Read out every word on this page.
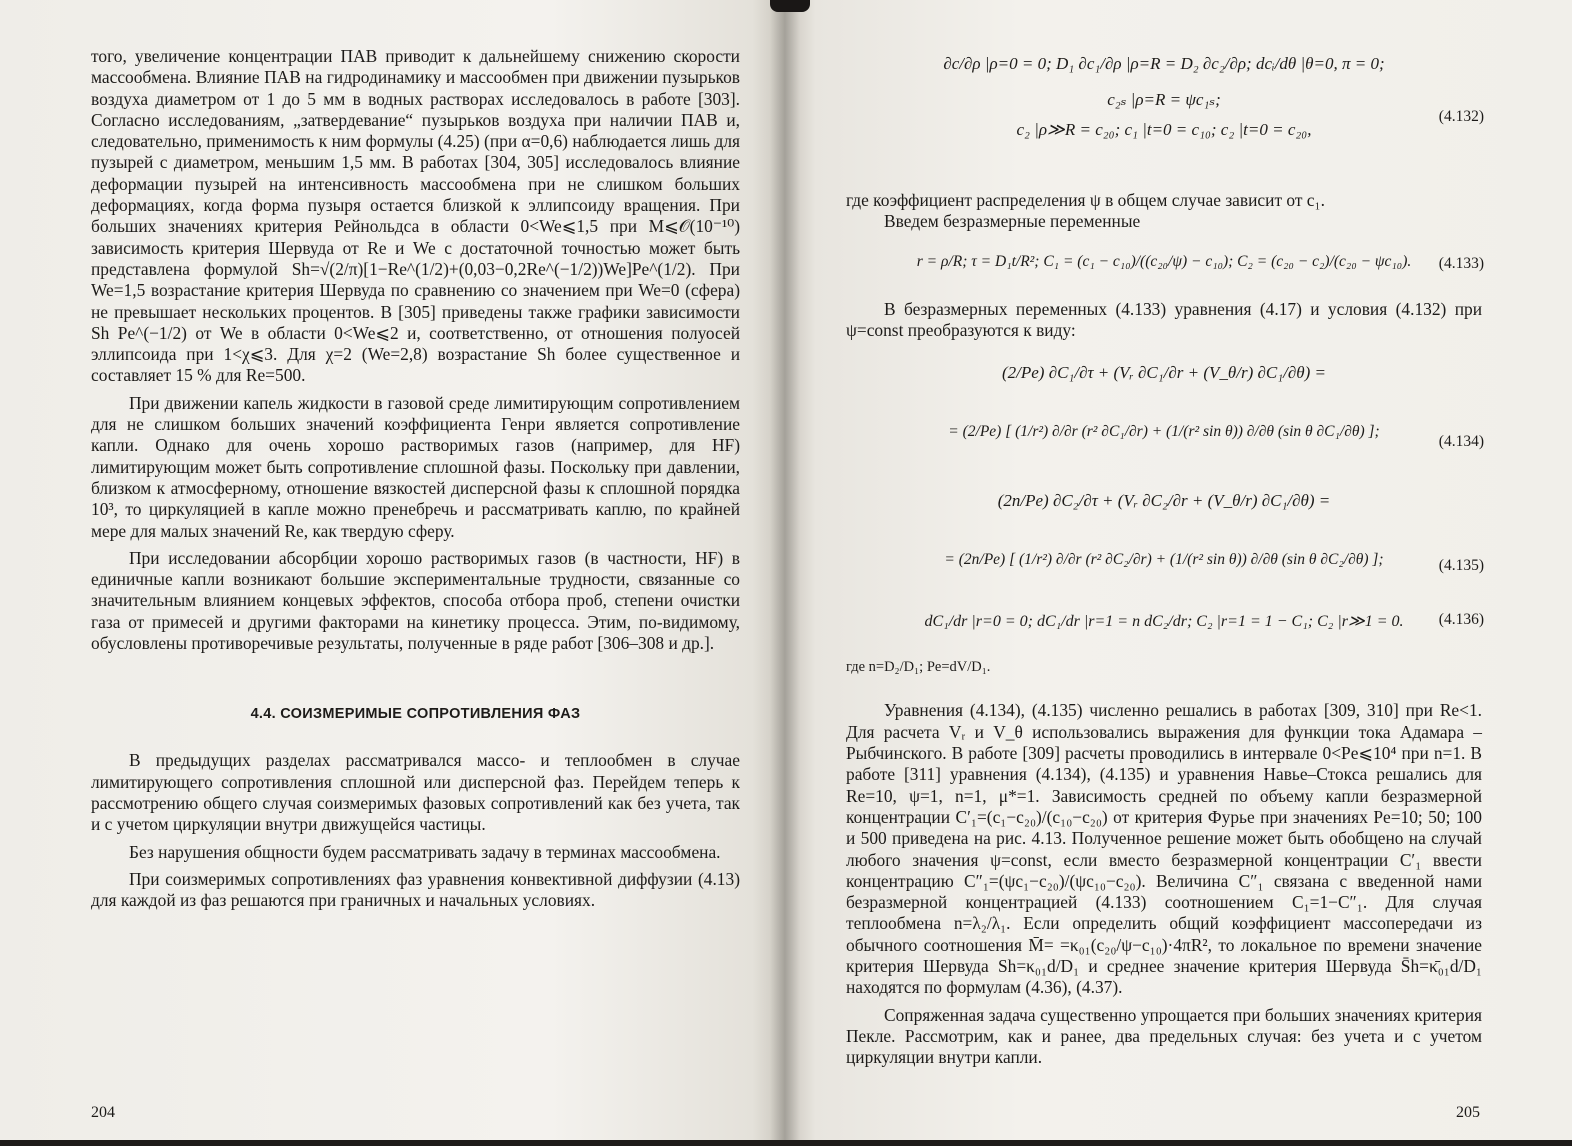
того, увеличение концентрации ПАВ приводит к дальнейшему снижению скорости массообмена. Влияние ПАВ на гидродинамику и массообмен при движении пузырьков воздуха диаметром от 1 до 5 мм в водных растворах исследовалось в работе [303]. Согласно исследованиям, „затвердевание“ пузырьков воздуха при наличии ПАВ и, следовательно, применимость к ним формулы (4.25) (при α=0,6) наблюдается лишь для пузырей с диаметром, меньшим 1,5 мм. В работах [304, 305] исследовалось влияние деформации пузырей на интенсивность массообмена при не слишком больших деформациях, когда форма пузыря остается близкой к эллипсоиду вращения. При больших значениях критерия Рейнольдса в области 0<We⩽1,5 при M⩽𝒪(10⁻¹⁰) зависимость критерия Шервуда от Re и We с достаточной точностью может быть представлена формулой Sh=√(2/π)[1−Re^(1/2)+(0,03−0,2Re^(−1/2))We]Pe^(1/2). При We=1,5 возрастание критерия Шервуда по сравнению со значением при We=0 (сфера) не превышает нескольких процентов. В [305] приведены также графики зависимости Sh Pe^(−1/2) от We в области 0<We⩽2 и, соответственно, от отношения полуосей эллипсоида при 1<χ⩽3. Для χ=2 (We=2,8) возрастание Sh более существенное и составляет 15 % для Re=500.

При движении капель жидкости в газовой среде лимитирующим сопротивлением для не слишком больших значений коэффициента Генри является сопротивление капли. Однако для очень хорошо растворимых газов (например, для HF) лимитирующим может быть сопротивление сплошной фазы. Поскольку при давлении, близком к атмосферному, отношение вязкостей дисперсной фазы к сплошной порядка 10³, то циркуляцией в капле можно пренебречь и рассматривать каплю, по крайней мере для малых значений Re, как твердую сферу.

При исследовании абсорбции хорошо растворимых газов (в частности, HF) в единичные капли возникают большие экспериментальные трудности, связанные со значительным влиянием концевых эффектов, способа отбора проб, степени очистки газа от примесей и другими факторами на кинетику процесса. Этим, по-видимому, обусловлены противоречивые результаты, полученные в ряде работ [306–308 и др.].

4.4. СОИЗМЕРИМЫЕ СОПРОТИВЛЕНИЯ ФАЗ

В предыдущих разделах рассматривался массо- и теплообмен в случае лимитирующего сопротивления сплошной или дисперсной фаз. Перейдем теперь к рассмотрению общего случая соизмеримых фазовых сопротивлений как без учета, так и с учетом циркуляции внутри движущейся частицы.

Без нарушения общности будем рассматривать задачу в терминах массообмена.

При соизмеримых сопротивлениях фаз уравнения конвективной диффузии (4.13) для каждой из фаз решаются при граничных и начальных условиях.

204
∂c/∂ρ |ρ=0 = 0; D₁ ∂c₁/∂ρ |ρ=R = D₂ ∂c₂/∂ρ; dcᵢ/dθ |θ=0, π = 0;
c₂ₛ |ρ=R = ψc₁ₛ;
c₂ |ρ≫R = c₂₀; c₁ |t=0 = c₁₀; c₂ |t=0 = c₂₀,
(4.132)

где коэффициент распределения ψ в общем случае зависит от c₁.

Введем безразмерные переменные

r = ρ/R; τ = D₁t/R²; C₁ = (c₁ − c₁₀)/((c₂₀/ψ) − c₁₀); C₂ = (c₂₀ − c₂)/(c₂₀ − ψc₁₀).	(4.133)

В безразмерных переменных (4.133) уравнения (4.17) и условия (4.132) при ψ=const преобразуются к виду:

(2/Pe) ∂C₁/∂τ + (Vᵣ ∂C₁/∂r + (V_θ/r) ∂C₁/∂θ) =
= (2/Pe) [ (1/r²) ∂/∂r (r² ∂C₁/∂r) + (1/(r² sin θ)) ∂/∂θ (sin θ ∂C₁/∂θ) ];
(4.134)
(2n/Pe) ∂C₂/∂τ + (Vᵣ ∂C₂/∂r + (V_θ/r) ∂C₁/∂θ) =
= (2n/Pe) [ (1/r²) ∂/∂r (r² ∂C₂/∂r) + (1/(r² sin θ)) ∂/∂θ (sin θ ∂C₂/∂θ) ];	(4.135)
dC₁/dr |r=0 = 0; dC₁/dr |r=1 = n dC₂/dr; C₂ |r=1 = 1 − C₁; C₂ |r≫1 = 0.	(4.136)

где n=D₂/D₁; Pe=dV/D₁.

Уравнения (4.134), (4.135) численно решались в работах [309, 310] при Re<1. Для расчета Vᵣ и V_θ использовались выражения для функции тока Адамара – Рыбчинского. В работе [309] расчеты проводились в интервале 0<Pe⩽10⁴ при n=1. В работе [311] уравнения (4.134), (4.135) и уравнения Навье–Стокса решались для Re=10, ψ=1, n=1, μ*=1. Зависимость средней по объему капли безразмерной концентрации C′₁=(c₁−c₂₀)/(c₁₀−c₂₀) от критерия Фурье при значениях Pe=10; 50; 100 и 500 приведена на рис. 4.13. Полученное решение может быть обобщено на случай любого значения ψ=const, если вместо безразмерной концентрации C′₁ ввести концентрацию C″₁=(ψc₁−c₂₀)/(ψc₁₀−c₂₀). Величина C″₁ связана с введенной нами безразмерной концентрацией (4.133) соотношением C₁=1−C″₁. Для случая теплообмена n=λ₂/λ₁. Если определить общий коэффициент массопередачи из обычного соотношения M̄= =κ₀₁(c₂₀/ψ−c₁₀)·4πR², то локальное по времени значение критерия Шервуда Sh=κ₀₁d/D₁ и среднее значение критерия Шервуда S̄h=κ̄₀₁d/D₁ находятся по формулам (4.36), (4.37).

Сопряженная задача существенно упрощается при больших значениях критерия Пекле. Рассмотрим, как и ранее, два предельных случая: без учета и с учетом циркуляции внутри капли.

205
